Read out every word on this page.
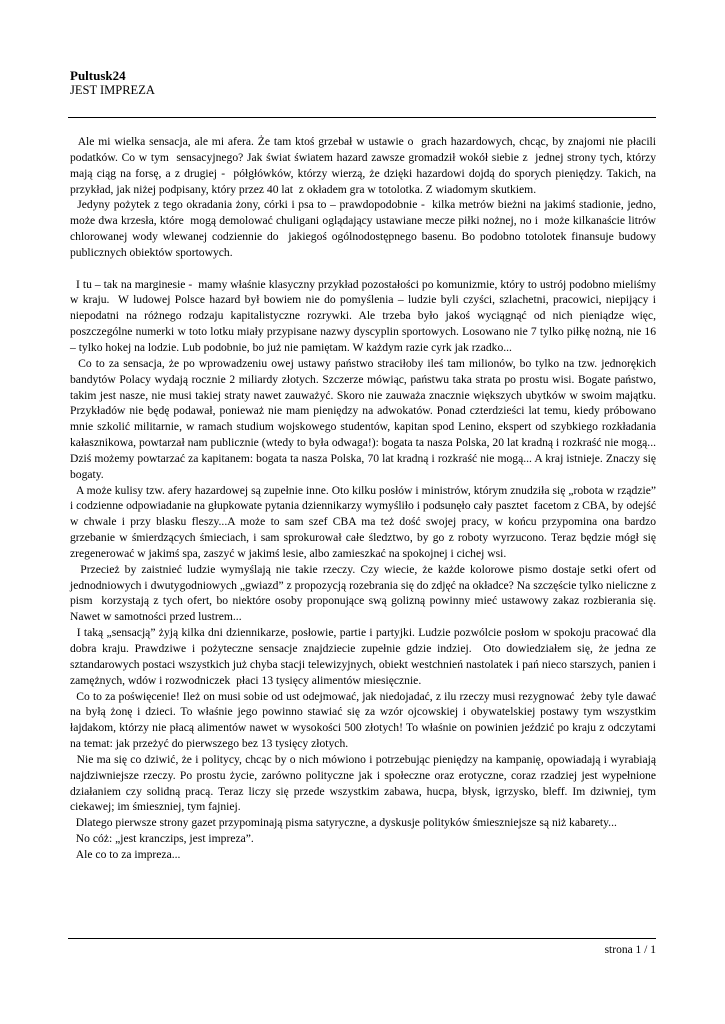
Pultusk24
JEST IMPREZA

Ale mi wielka sensacja, ale mi afera. Że tam ktoś grzebał w ustawie o  grach hazardowych, chcąc, by znajomi nie płacili podatków. Co w tym  sensacyjnego? Jak świat światem hazard zawsze gromadził wokół siebie z  jednej strony tych, którzy mają ciąg na forsę, a z drugiej -  półgłówków, którzy wierzą, że dzięki hazardowi dojdą do sporych pieniędzy. Takich, na przykład, jak niżej podpisany, który przez 40 lat  z okładem gra w totolotka. Z wiadomym skutkiem.

Jedyny pożytek z tego okradania żony, córki i psa to – prawdopodobnie -  kilka metrów bieżni na jakimś stadionie, jedno, może dwa krzesła, które  mogą demolować chuligani oglądający ustawiane mecze piłki nożnej, no i  może kilkanaście litrów chlorowanej wody wlewanej codziennie do  jakiegoś ogólnodostępnego basenu. Bo podobno totolotek finansuje budowy  publicznych obiektów sportowych.

I tu – tak na marginesie -  mamy właśnie klasyczny przykład pozostałości po komunizmie, który to ustrój podobno mieliśmy w kraju.  W ludowej Polsce hazard był bowiem nie do pomyślenia – ludzie byli czyści, szlachetni, pracowici, niepijący i niepodatni na różnego rodzaju kapitalistyczne rozrywki. Ale trzeba było jakoś wyciągnąć od nich pieniądze więc, poszczególne numerki w toto lotku miały przypisane nazwy dyscyplin sportowych. Losowano nie 7 tylko piłkę nożną, nie 16 – tylko hokej na lodzie. Lub podobnie, bo już nie pamiętam. W każdym razie cyrk jak rzadko...

Co to za sensacja, że po wprowadzeniu owej ustawy państwo straciłoby ileś tam milionów, bo tylko na tzw. jednorękich bandytów Polacy wydają rocznie 2 miliardy złotych. Szczerze mówiąc, państwu taka strata po prostu wisi. Bogate państwo, takim jest nasze, nie musi takiej straty nawet zauważyć. Skoro nie zauważa znacznie większych ubytków w swoim majątku. Przykładów nie będę podawał, ponieważ nie mam pieniędzy na adwokatów. Ponad czterdzieści lat temu, kiedy próbowano mnie szkolić militarnie, w ramach studium wojskowego studentów, kapitan spod Lenino, ekspert od szybkiego rozkładania kałasznikowa, powtarzał nam publicznie (wtedy to była odwaga!): bogata ta nasza Polska, 20 lat kradną i rozkraść nie mogą... Dziś możemy powtarzać za kapitanem: bogata ta nasza Polska, 70 lat kradną i rozkraść nie mogą... A kraj istnieje. Znaczy się bogaty.

A może kulisy tzw. afery hazardowej są zupełnie inne. Oto kilku posłów i ministrów, którym znudziła się „robota w rządzie” i codzienne odpowiadanie na głupkowate pytania dziennikarzy wymyśliło i podsunęło cały pasztet  facetom z CBA, by odejść w chwale i przy blasku fleszy...A może to sam szef CBA ma też dość swojej pracy, w końcu przypomina ona bardzo grzebanie w śmierdzących śmieciach, i sam sprokurował całe śledztwo, by go z roboty wyrzucono. Teraz będzie mógł się zregenerować w jakimś spa, zaszyć w jakimś lesie, albo zamieszkać na spokojnej i cichej wsi.

Przecież by zaistnieć ludzie wymyślają nie takie rzeczy. Czy wiecie, że każde kolorowe pismo dostaje setki ofert od jednodniowych i dwutygodniowych „gwiazd” z propozycją rozebrania się do zdjęć na okładce? Na szczęście tylko nieliczne z pism  korzystają z tych ofert, bo niektóre osoby proponujące swą golizną powinny mieć ustawowy zakaz rozbierania się. Nawet w samotności przed lustrem...

I taką „sensacją” żyją kilka dni dziennikarze, posłowie, partie i partyjki. Ludzie pozwólcie posłom w spokoju pracować dla dobra kraju. Prawdziwe i pożyteczne sensacje znajdziecie zupełnie gdzie indziej.  Oto dowiedziałem się, że jedna ze sztandarowych postaci wszystkich już chyba stacji telewizyjnych, obiekt westchnień nastolatek i pań nieco starszych, panien i zamężnych, wdów i rozwodniczek  płaci 13 tysięcy alimentów miesięcznie.

Co to za poświęcenie! Ileż on musi sobie od ust odejmować, jak niedojadać, z ilu rzeczy musi rezygnować  żeby tyle dawać na byłą żonę i dzieci. To właśnie jego powinno stawiać się za wzór ojcowskiej i obywatelskiej postawy tym wszystkim łajdakom, którzy nie płacą alimentów nawet w wysokości 500 złotych! To właśnie on powinien jeździć po kraju z odczytami na temat: jak przeżyć do pierwszego bez 13 tysięcy złotych.

Nie ma się co dziwić, że i politycy, chcąc by o nich mówiono i potrzebując pieniędzy na kampanię, opowiadają i wyrabiają najdziwniejsze rzeczy. Po prostu życie, zarówno polityczne jak i społeczne oraz erotyczne, coraz rzadziej jest wypełnione działaniem czy solidną pracą. Teraz liczy się przede wszystkim zabawa, hucpa, błysk, igrzysko, bleff. Im dziwniej, tym ciekawej; im śmieszniej, tym fajniej.

Dlatego pierwsze strony gazet przypominają pisma satyryczne, a dyskusje polityków śmieszniejsze są niż kabarety...

No cóż: „jest kranczips, jest impreza”.

Ale co to za impreza...

strona 1 / 1
